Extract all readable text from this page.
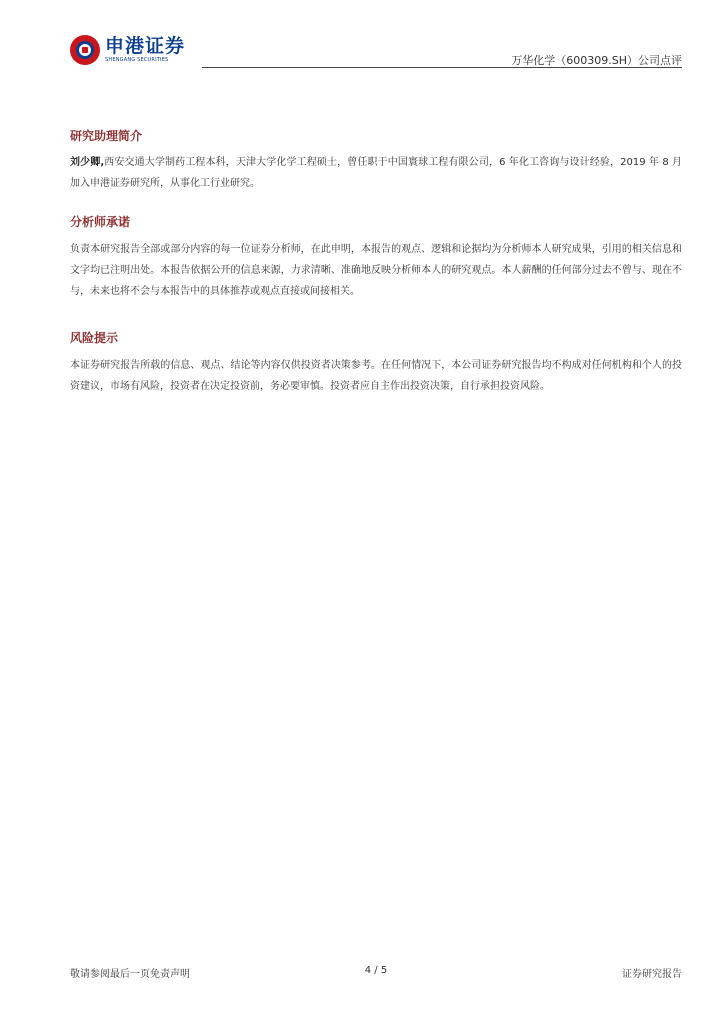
申港证券
SHENGANG SECURITIES	万华化学（600309.SH）公司点评
研究助理简介
刘少卿,西安交通大学制药工程本科，天津大学化学工程硕士，曾任职于中国寰球工程有限公司，6 年化工咨询与设计经验，2019 年 8 月加入申港证券研究所，从事化工行业研究。
分析师承诺
负责本研究报告全部或部分内容的每一位证券分析师，在此申明，本报告的观点、逻辑和论据均为分析师本人研究成果，引用的相关信息和文字均已注明出处。本报告依据公开的信息来源，力求清晰、准确地反映分析师本人的研究观点。本人薪酬的任何部分过去不曾与、现在不与，未来也将不会与本报告中的具体推荐或观点直接或间接相关。
风险提示
本证券研究报告所载的信息、观点、结论等内容仅供投资者决策参考。在任何情况下，本公司证券研究报告均不构成对任何机构和个人的投资建议，市场有风险，投资者在决定投资前，务必要审慎。投资者应自主作出投资决策，自行承担投资风险。
敬请参阅最后一页免责声明	4 / 5	证券研究报告
